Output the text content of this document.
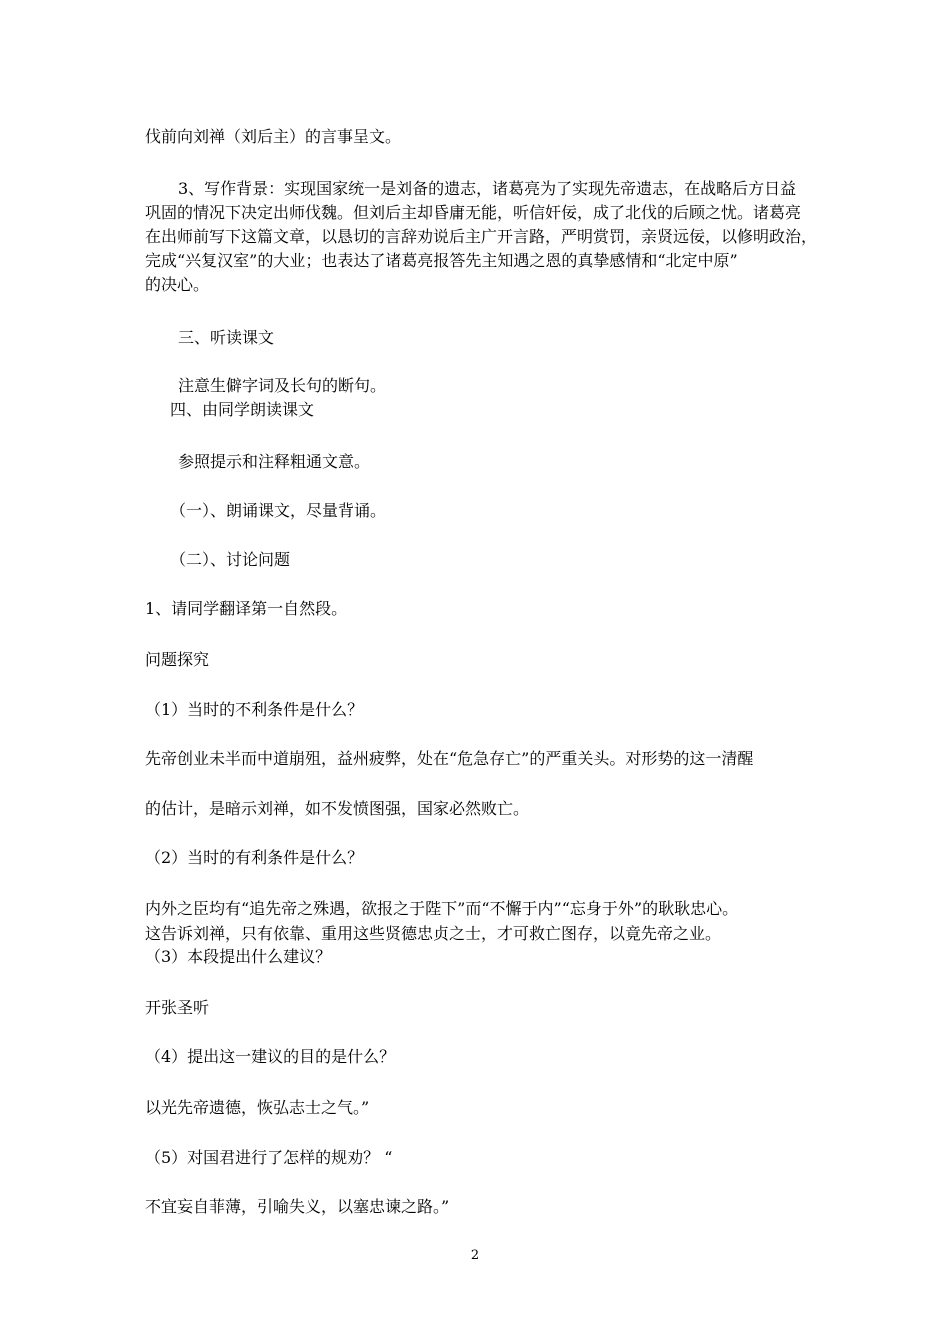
伐前向刘禅（刘后主）的言事呈文。
3、写作背景：实现国家统一是刘备的遗志，诸葛亮为了实现先帝遗志，在战略后方日益
巩固的情况下决定出师伐魏。但刘后主却昏庸无能，听信奸佞，成了北伐的后顾之忧。诸葛亮
在出师前写下这篇文章，以恳切的言辞劝说后主广开言路，严明赏罚，亲贤远佞，以修明政治，
完成“兴复汉室”的大业；也表达了诸葛亮报答先主知遇之恩的真挚感情和“北定中原”
的决心。
三、听读课文
注意生僻字词及长句的断句。
四、由同学朗读课文
参照提示和注释粗通文意。
（一）、朗诵课文，尽量背诵。
（二）、讨论问题
1、请同学翻译第一自然段。
问题探究
（1）当时的不利条件是什么？
先帝创业未半而中道崩殂，益州疲弊，处在“危急存亡”的严重关头。对形势的这一清醒
的估计，是暗示刘禅，如不发愤图强，国家必然败亡。
（2）当时的有利条件是什么？
内外之臣均有“追先帝之殊遇，欲报之于陛下”而“不懈于内”“忘身于外”的耿耿忠心。
这告诉刘禅，只有依靠、重用这些贤德忠贞之士，才可救亡图存，以竟先帝之业。
（3）本段提出什么建议？
开张圣听
（4）提出这一建议的目的是什么？
以光先帝遗德，恢弘志士之气。”
（5）对国君进行了怎样的规劝？ “
不宜妄自菲薄，引喻失义，以塞忠谏之路。”
2
